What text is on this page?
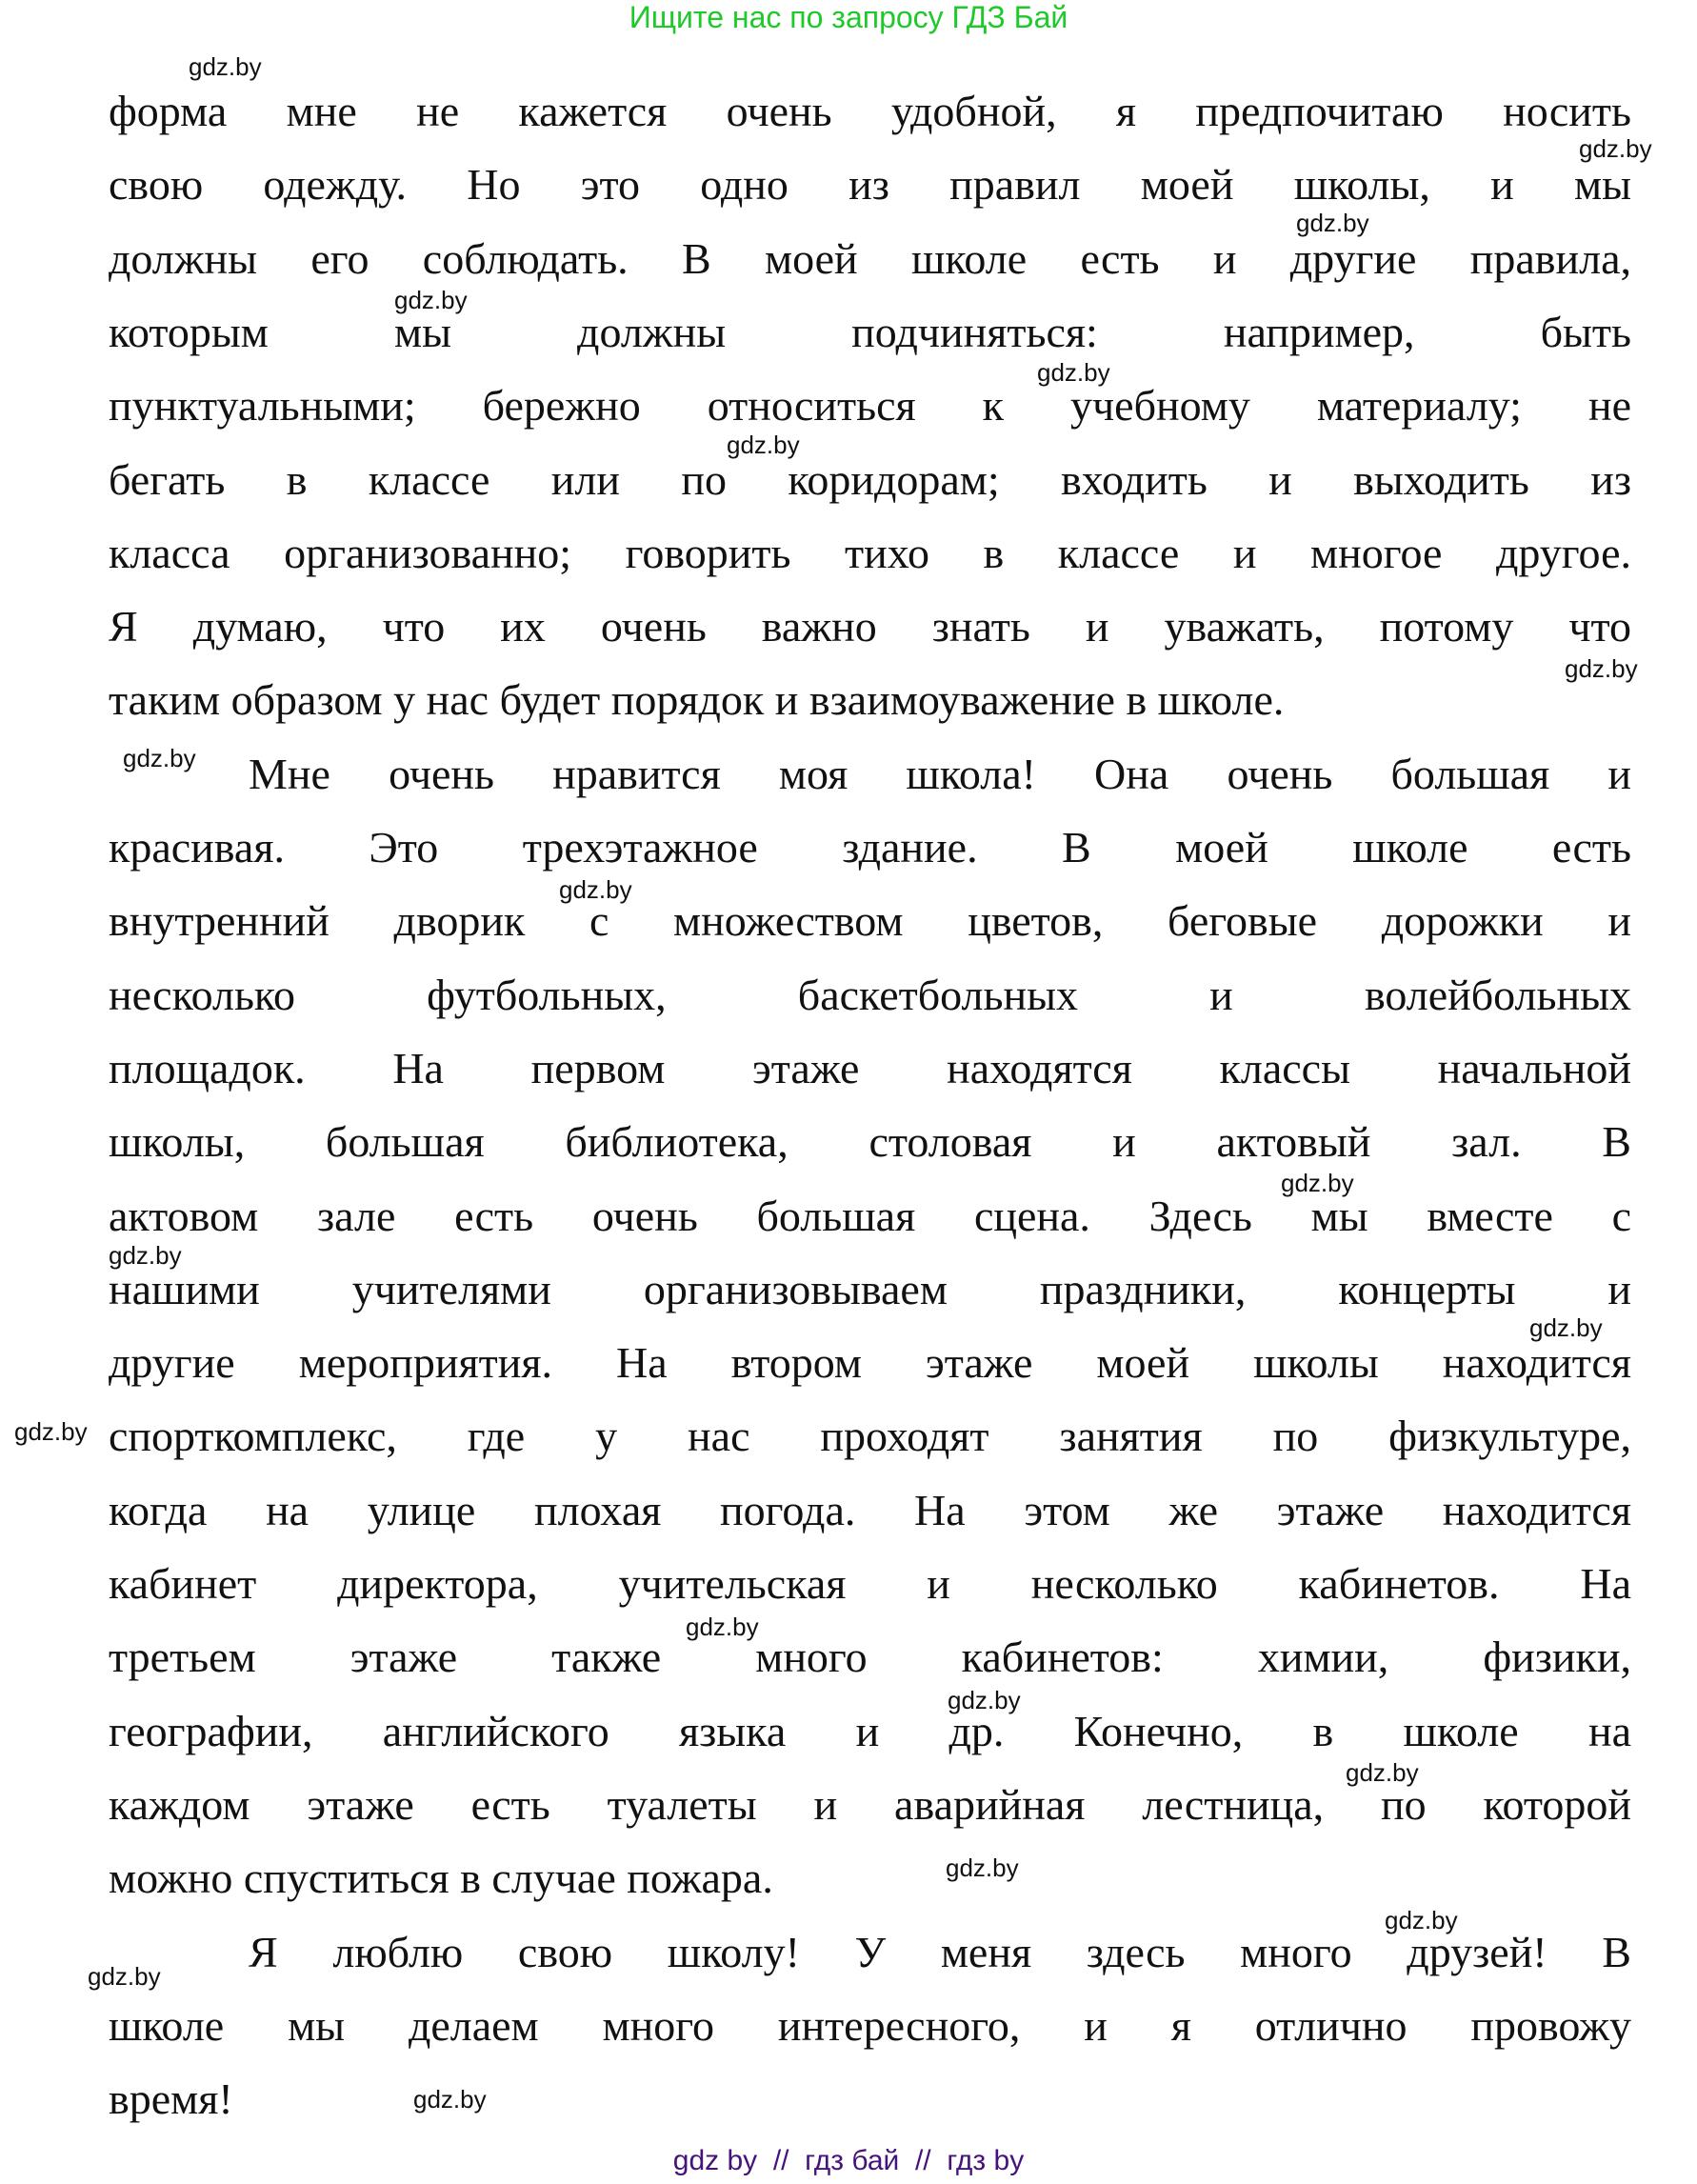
Ищите нас по запросу ГДЗ Бай
форма мне не кажется очень удобной, я предпочитаю носить
свою одежду. Но это одно из правил моей школы, и мы
должны его соблюдать. В моей школе есть и другие правила,
которым мы должны подчиняться: например, быть
пунктуальными; бережно относиться к учебному материалу; не
бегать в классе или по коридорам; входить и выходить из
класса организованно; говорить тихо в классе и многое другое.
Я думаю, что их очень важно знать и уважать, потому что
таким образом у нас будет порядок и взаимоуважение в школе.
Мне очень нравится моя школа! Она очень большая и
красивая. Это трехэтажное здание. В моей школе есть
внутренний дворик с множеством цветов, беговые дорожки и
несколько футбольных, баскетбольных и волейбольных
площадок. На первом этаже находятся классы начальной
школы, большая библиотека, столовая и актовый зал. В
актовом зале есть очень большая сцена. Здесь мы вместе с
нашими учителями организовываем праздники, концерты и
другие мероприятия. На втором этаже моей школы находится
спорткомплекс, где у нас проходят занятия по физкультуре,
когда на улице плохая погода. На этом же этаже находится
кабинет директора, учительская и несколько кабинетов. На
третьем этаже также много кабинетов: химии, физики,
географии, английского языка и др. Конечно, в школе на
каждом этаже есть туалеты и аварийная лестница, по которой
можно спуститься в случае пожара.
Я люблю свою школу! У меня здесь много друзей! В
школе мы делаем много интересного, и я отлично провожу
время!
gdz.by
gdz.by
gdz.by
gdz.by
gdz.by
gdz.by
gdz.by
gdz.by
gdz.by
gdz.by
gdz.by
gdz.by
gdz.by
gdz.by
gdz.by
gdz.by
gdz.by
gdz.by
gdz.by
gdz.by
gdz by  //  гдз бай  //  гдз by
